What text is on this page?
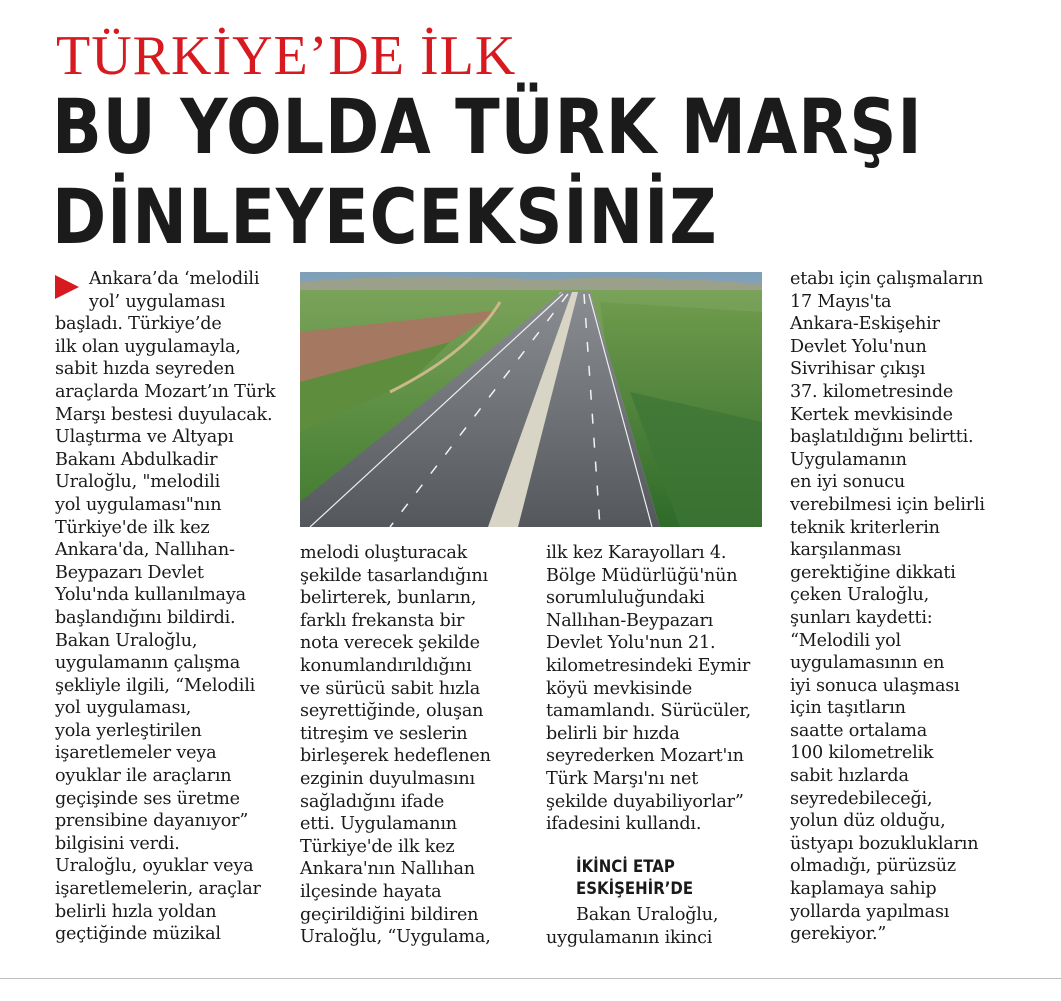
TÜRKİYE’DE İLK
BU YOLDA TÜRK MARŞI DİNLEYECEKSİNİZ
Ankara’da ‘melodili
yol’ uygulaması
başladı. Türkiye’de
ilk olan uygulamayla,
sabit hızda seyreden
araçlarda Mozart’ın Türk
Marşı bestesi duyulacak.
Ulaştırma ve Altyapı
Bakanı Abdulkadir
Uraloğlu, "melodili
yol uygulaması"nın
Türkiye'de ilk kez
Ankara'da, Nallıhan-
Beypazarı Devlet
Yolu'nda kullanılmaya
başlandığını bildirdi.
Bakan Uraloğlu,
uygulamanın çalışma
şekliyle ilgili, “Melodili
yol uygulaması,
yola yerleştirilen
işaretlemeler veya
oyuklar ile araçların
geçişinde ses üretme
prensibine dayanıyor”
bilgisini verdi.
Uraloğlu, oyuklar veya
işaretlemelerin, araçlar
belirli hızla yoldan
geçtiğinde müzikal
melodi oluşturacak
şekilde tasarlandığını
belirterek, bunların,
farklı frekansta bir
nota verecek şekilde
konumlandırıldığını
ve sürücü sabit hızla
seyrettiğinde, oluşan
titreşim ve seslerin
birleşerek hedeflenen
ezginin duyulmasını
sağladığını ifade
etti. Uygulamanın
Türkiye'de ilk kez
Ankara'nın Nallıhan
ilçesinde hayata
geçirildiğini bildiren
Uraloğlu, “Uygulama,
ilk kez Karayolları 4.
Bölge Müdürlüğü'nün
sorumluluğundaki
Nallıhan-Beypazarı
Devlet Yolu'nun 21.
kilometresindeki Eymir
köyü mevkisinde
tamamlandı. Sürücüler,
belirli bir hızda
seyrederken Mozart'ın
Türk Marşı'nı net
şekilde duyabiliyorlar”
ifadesini kullandı.
İKİNCİ ETAP
ESKİŞEHİR’DE
Bakan Uraloğlu,
uygulamanın ikinci
etabı için çalışmaların
17 Mayıs'ta
Ankara-Eskişehir
Devlet Yolu'nun
Sivrihisar çıkışı
37. kilometresinde
Kertek mevkisinde
başlatıldığını belirtti.
Uygulamanın
en iyi sonucu
verebilmesi için belirli
teknik kriterlerin
karşılanması
gerektiğine dikkati
çeken Uraloğlu,
şunları kaydetti:
“Melodili yol
uygulamasının en
iyi sonuca ulaşması
için taşıtların
saatte ortalama
100 kilometrelik
sabit hızlarda
seyredebileceği,
yolun düz olduğu,
üstyapı bozuklukların
olmadığı, pürüzsüz
kaplamaya sahip
yollarda yapılması
gerekiyor.”
